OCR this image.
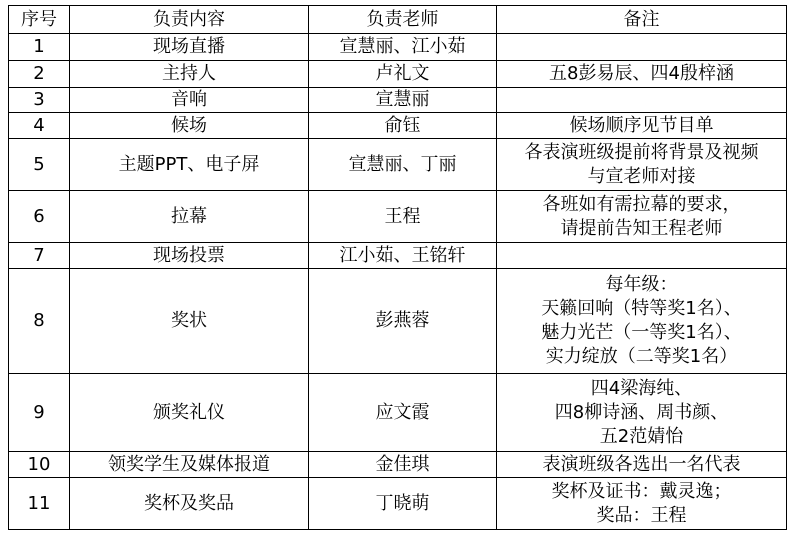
序号	负责内容	负责老师	备注
1	现场直播	宣慧丽、江小茹	
2	主持人	卢礼文	五8彭易辰、四4殷梓涵

3	音响	宣慧丽	
4	候场	俞钰	候场顺序见节目单

5	主题PPT、电子屏	宣慧丽、丁丽	各表演班级提前将背景及视频
与宣老师对接

6	拉幕	王程	各班如有需拉幕的要求，
请提前告知王程老师

7	现场投票	江小茹、王铭轩	
8	奖状	彭燕蓉	每年级：
天籁回响（特等奖1名）、
魅力光芒（一等奖1名）、
实力绽放（二等奖1名）

9	颁奖礼仪	应文霞	四4梁海纯、
四8柳诗涵、周书颜、
五2范婧怡

10	领奖学生及媒体报道	金佳琪	表演班级各选出一名代表

11	奖杯及奖品	丁晓萌	奖杯及证书：戴灵逸；
奖品：王程
